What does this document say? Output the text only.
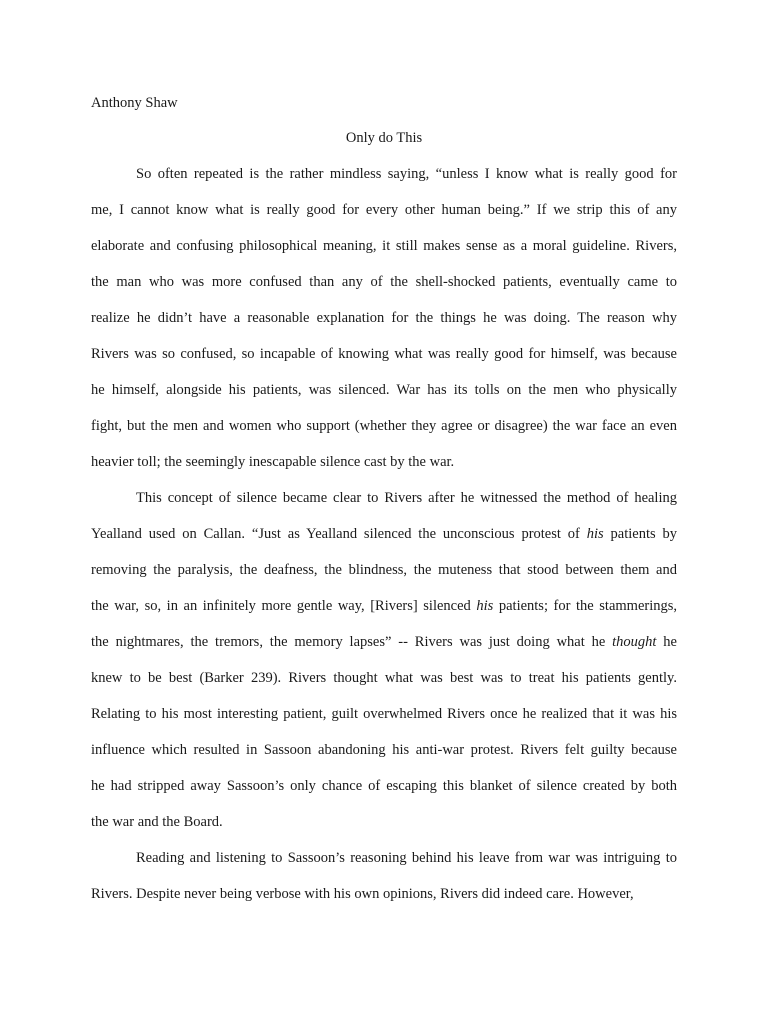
Anthony Shaw
Only do This
So often repeated is the rather mindless saying, “unless I know what is really good for
me, I cannot know what is really good for every other human being.” If we strip this of any
elaborate and confusing philosophical meaning, it still makes sense as a moral guideline. Rivers,
the man who was more confused than any of the shell-shocked patients, eventually came to
realize he didn’t have a reasonable explanation for the things he was doing. The reason why
Rivers was so confused, so incapable of knowing what was really good for himself, was because
he himself, alongside his patients, was silenced. War has its tolls on the men who physically
fight, but the men and women who support (whether they agree or disagree) the war face an even
heavier toll; the seemingly inescapable silence cast by the war.
This concept of silence became clear to Rivers after he witnessed the method of healing
Yealland used on Callan. “Just as Yealland silenced the unconscious protest of his patients by
removing the paralysis, the deafness, the blindness, the muteness that stood between them and
the war, so, in an infinitely more gentle way, [Rivers] silenced his patients; for the stammerings,
the nightmares, the tremors, the memory lapses” -- Rivers was just doing what he thought he
knew to be best (Barker 239). Rivers thought what was best was to treat his patients gently.
Relating to his most interesting patient, guilt overwhelmed Rivers once he realized that it was his
influence which resulted in Sassoon abandoning his anti-war protest. Rivers felt guilty because
he had stripped away Sassoon’s only chance of escaping this blanket of silence created by both
the war and the Board.
Reading and listening to Sassoon’s reasoning behind his leave from war was intriguing to
Rivers. Despite never being verbose with his own opinions, Rivers did indeed care. However,
